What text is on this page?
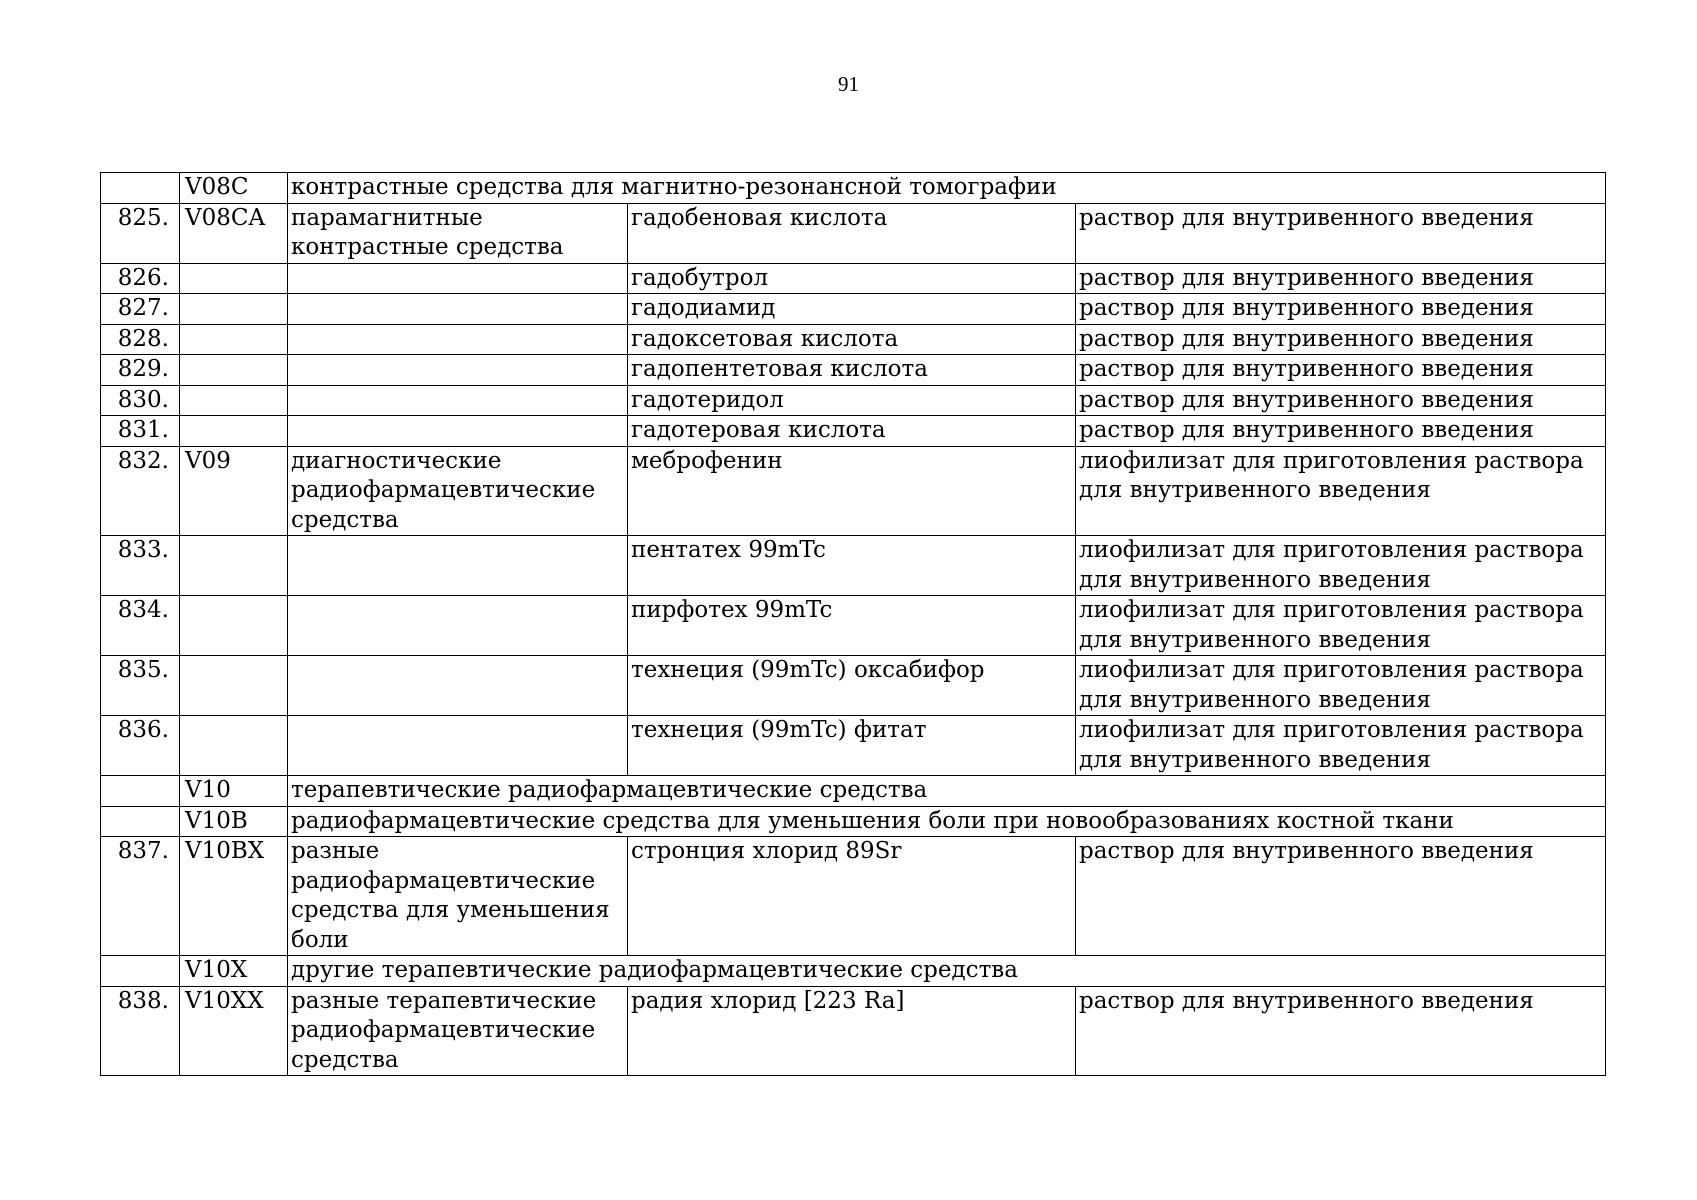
91
	V08C	контрастные средства для магнитно-резонансной томографии		
825.	V08CA	парамагнитные контрастные средства	гадобеновая кислота	раствор для внутривенного введения
826.			гадобутрол	раствор для внутривенного введения
827.			гадодиамид	раствор для внутривенного введения
828.			гадоксетовая кислота	раствор для внутривенного введения
829.			гадопентетовая кислота	раствор для внутривенного введения
830.			гадотеридол	раствор для внутривенного введения
831.			гадотеровая кислота	раствор для внутривенного введения
832.	V09	диагностические радиофармацевтические средства	меброфенин	лиофилизат для приготовления раствора для внутривенного введения
833.			пентатех 99mTc	лиофилизат для приготовления раствора для внутривенного введения
834.			пирфотех 99mTc	лиофилизат для приготовления раствора для внутривенного введения
835.			технеция (99mTc) оксабифор	лиофилизат для приготовления раствора для внутривенного введения
836.			технеция (99mTc) фитат	лиофилизат для приготовления раствора для внутривенного введения
	V10	терапевтические радиофармацевтические средства		
	V10B	радиофармацевтические средства для уменьшения боли при новообразованиях костной ткани		
837.	V10BX	разные радиофармацевтические средства для уменьшения боли	стронция хлорид 89Sr	раствор для внутривенного введения
	V10X	другие терапевтические радиофармацевтические средства		
838.	V10XX	разные терапевтические радиофармацевтические средства	радия хлорид [223 Ra]	раствор для внутривенного введения
